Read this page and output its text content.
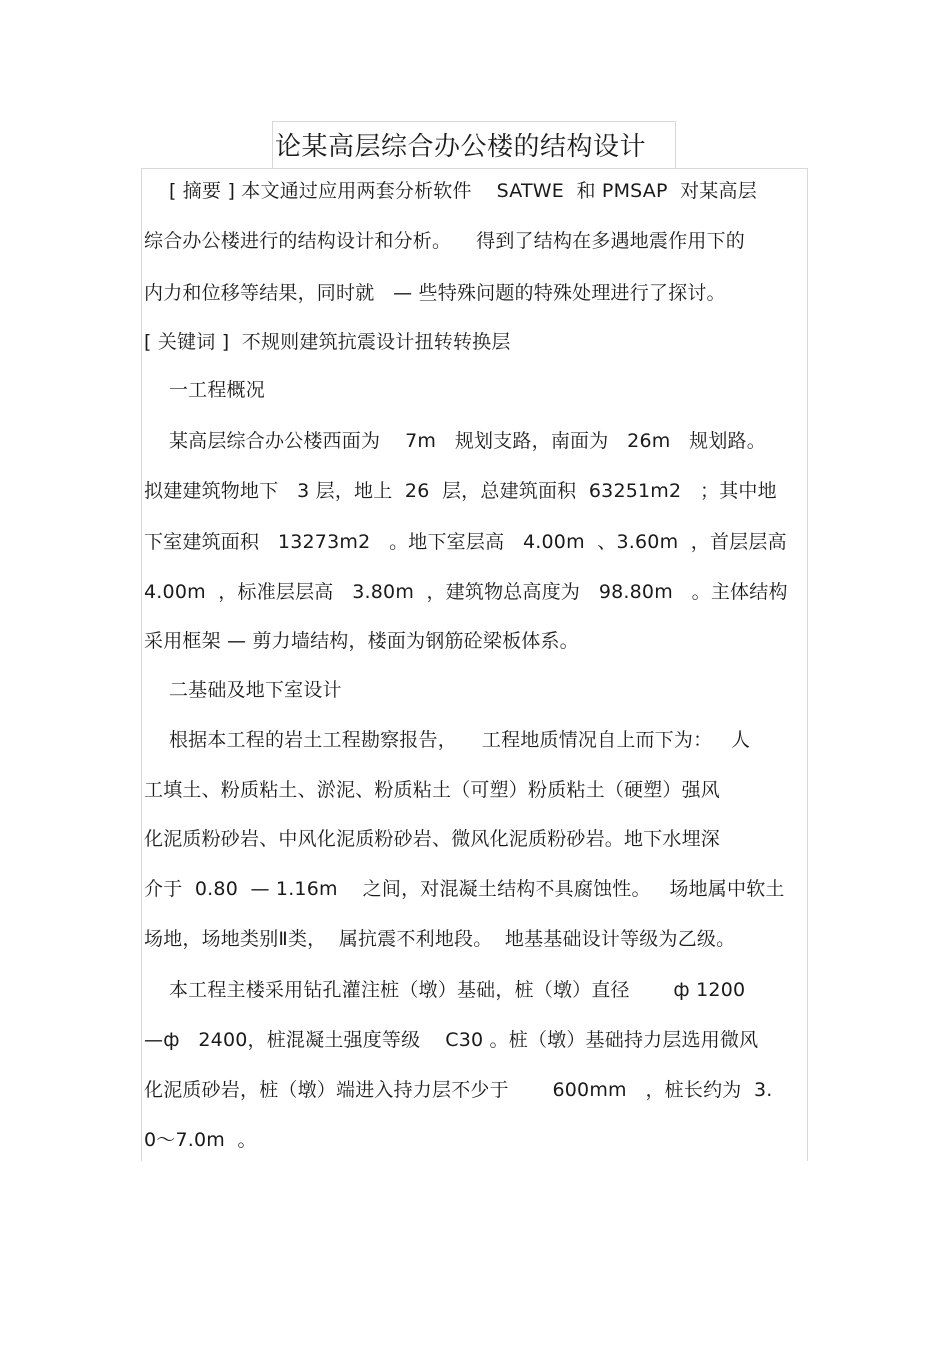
论某高层综合办公楼的结构设计
[ 摘要 ] 本文通过应用两套分析软件    SATWE  和 PMSAP  对某高层
综合办公楼进行的结构设计和分析。    得到了结构在多遇地震作用下的
内力和位移等结果，同时就   — 些特殊问题的特殊处理进行了探讨。
[ 关键词 ]  不规则建筑抗震设计扭转转换层
一工程概况
某高层综合办公楼西面为    7m   规划支路，南面为   26m   规划路。
拟建建筑物地下   3 层，地上  26  层，总建筑面积  63251m2   ；其中地
下室建筑面积   13273m2   。地下室层高   4.00m  、3.60m  ，首层层高
4.00m  ，标准层层高   3.80m  ，建筑物总高度为   98.80m   。主体结构
采用框架 — 剪力墙结构，楼面为钢筋砼梁板体系。
二基础及地下室设计
根据本工程的岩土工程勘察报告，    工程地质情况自上而下为：   人
工填土、粉质粘土、淤泥、粉质粘土（可塑）粉质粘土（硬塑）强风
化泥质粉砂岩、中风化泥质粉砂岩、微风化泥质粉砂岩。地下水埋深
介于  0.80  — 1.16m    之间，对混凝土结构不具腐蚀性。   场地属中软土
场地，场地类别Ⅱ类，  属抗震不利地段。  地基基础设计等级为乙级。
本工程主楼采用钻孔灌注桩（墩）基础，桩（墩）直径       ф 1200
—ф   2400，桩混凝土强度等级    C30 。桩（墩）基础持力层选用微风
化泥质砂岩，桩（墩）端进入持力层不少于       600mm   ，桩长约为  3.
0～7.0m  。
